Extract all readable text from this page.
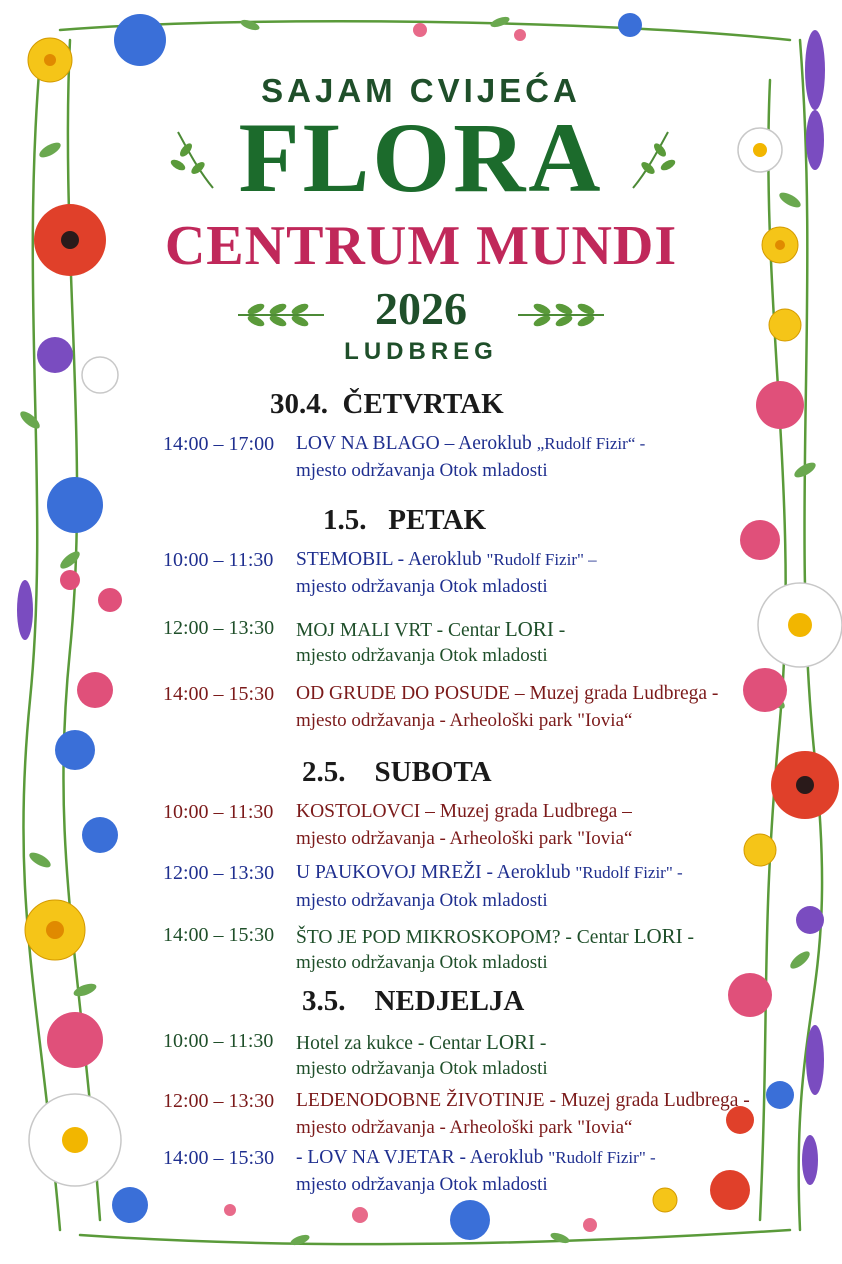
SAJAM CVIJEĆA
FLORA
CENTRUM MUNDI
2026
LUDBREG
30.4.  ČETVRTAK
14:00 – 17:00 LOV NA BLAGO – Aeroklub „Rudolf Fizir“ -
mjesto održavanja Otok mladosti
1.5.   PETAK
10:00 – 11:30 STEMOBIL - Aeroklub "Rudolf Fizir" –
mjesto održavanja Otok mladosti
12:00 – 13:30 MOJ MALI VRT - Centar LORI -
mjesto održavanja Otok mladosti
14:00 – 15:30 OD GRUDE DO POSUDE – Muzej grada Ludbrega -
mjesto održavanja - Arheološki park "Iovia“
2.5.    SUBOTA
10:00 – 11:30 KOSTOLOVCI – Muzej grada Ludbrega –
mjesto održavanja - Arheološki park "Iovia“
12:00 – 13:30 U PAUKOVOJ MREŽI - Aeroklub "Rudolf Fizir" -
mjesto održavanja Otok mladosti
14:00 – 15:30 ŠTO JE POD MIKROSKOPOM? - Centar LORI -
mjesto održavanja Otok mladosti
3.5.    NEDJELJA
10:00 – 11:30 Hotel za kukce - Centar LORI -
mjesto održavanja Otok mladosti
12:00 – 13:30 LEDENODOBNE ŽIVOTINJE - Muzej grada Ludbrega -
mjesto održavanja - Arheološki park "Iovia“
14:00 – 15:30 - LOV NA VJETAR - Aeroklub "Rudolf Fizir" -
mjesto održavanja Otok mladosti
